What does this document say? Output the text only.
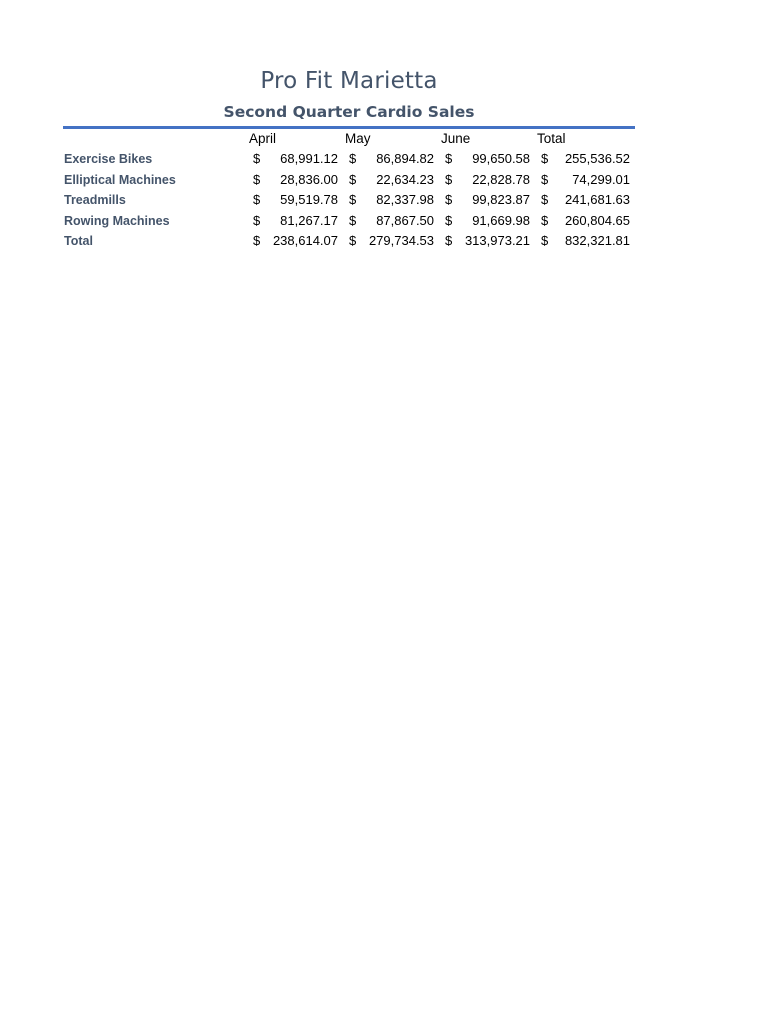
Pro Fit Marietta
Second Quarter Cardio Sales
	April		May		June		Total	
Exercise Bikes	$	68,991.12	$	86,894.82	$	99,650.58	$	255,536.52
Elliptical Machines	$	28,836.00	$	22,634.23	$	22,828.78	$	74,299.01
Treadmills	$	59,519.78	$	82,337.98	$	99,823.87	$	241,681.63
Rowing Machines	$	81,267.17	$	87,867.50	$	91,669.98	$	260,804.65
Total	$	238,614.07	$	279,734.53	$	313,973.21	$	832,321.81
